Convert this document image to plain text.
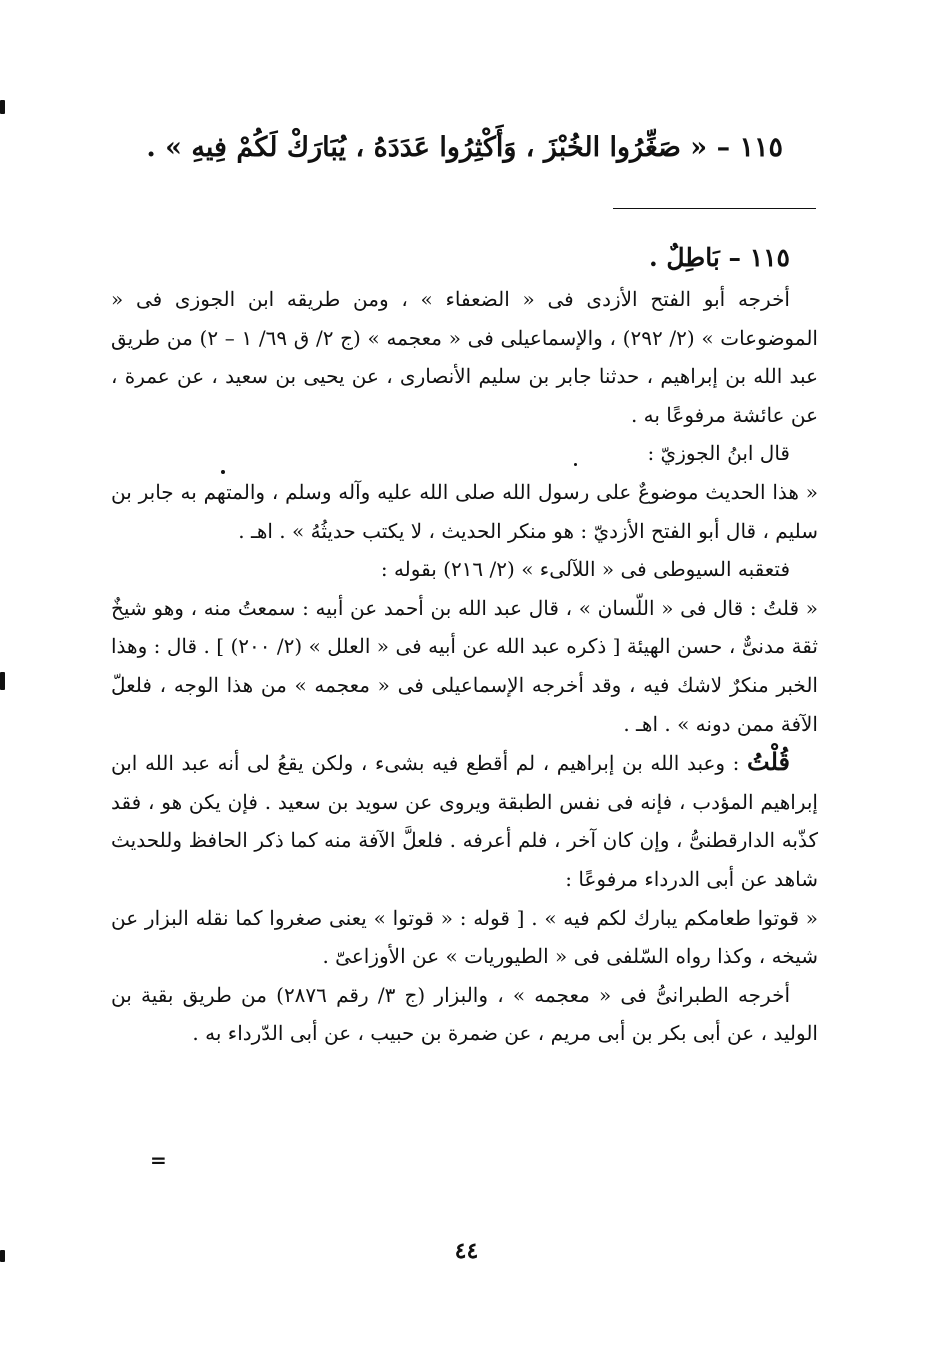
١١٥ – « صَغِّرُوا الخُبْزَ ، وَأَكْثِرُوا عَدَدَهُ ، يُبَارَكْ لَكُمْ فِيهِ » .

١١٥ – بَاطِلٌ .

أخرجه أبو الفتح الأزدى فى « الضعفاء » ، ومن طريقه ابن الجوزى فى « الموضوعات » (٢/ ٢٩٢) ، والإسماعيلى فى « معجمه » (ج ٢/ ق ٦٩/ ١ – ٢) من طريق عبد الله بن إبراهيم ، حدثنا جابر بن سليم الأنصارى ، عن يحيى بن سعيد ، عن عمرة ، عن عائشة مرفوعًا به .

قال ابنُ الجوزيّ :

« هذا الحديث موضوعٌ على رسول الله صلى الله عليه وآله وسلم ، والمتهم به جابر بن سليم ، قال أبو الفتح الأزديّ : هو منكر الحديث ، لا يكتب حديثُهُ » . اهـ .

فتعقبه السيوطى فى « اللآلىء » (٢/ ٢١٦) بقوله :

« قلتُ : قال فى « اللّسان » ، قال عبد الله بن أحمد عن أبيه : سمعتُ منه ، وهو شيخٌ ثقة مدنىٌّ ، حسن الهيئة [ ذكره عبد الله عن أبيه فى « العلل » (٢/ ٢٠٠) ] . قال : وهذا الخبر منكرٌ لاشك فيه ، وقد أخرجه الإسماعيلى فى « معجمه » من هذا الوجه ، فلعلّ الآفة ممن دونه » . اهـ .

قُلْتُ : وعبد الله بن إبراهيم ، لم أقطع فيه بشىء ، ولكن يقعُ لى أنه عبد الله ابن إبراهيم المؤدب ، فإنه فى نفس الطبقة ويروى عن سويد بن سعيد . فإن يكن هو ، فقد كذّبه الدارقطنىُّ ، وإن كان آخر ، فلم أعرفه . فلعلَّ الآفة منه كما ذكر الحافظ وللحديث شاهد عن أبى الدرداء مرفوعًا :

« قوتوا طعامكم يبارك لكم فيه » . [ قوله : « قوتوا » يعنى صغروا كما نقله البزار عن شيخه ، وكذا رواه السّلفى فى « الطيوريات » عن الأوزاعىّ .

أخرجه الطبرانىُّ فى « معجمه » ، والبزار (ج ٣/ رقم ٢٨٧٦) من طريق بقية بن الوليد ، عن أبى بكر بن أبى مريم ، عن ضمرة بن حبيب ، عن أبى الدّرداء به .

=
٤٤
